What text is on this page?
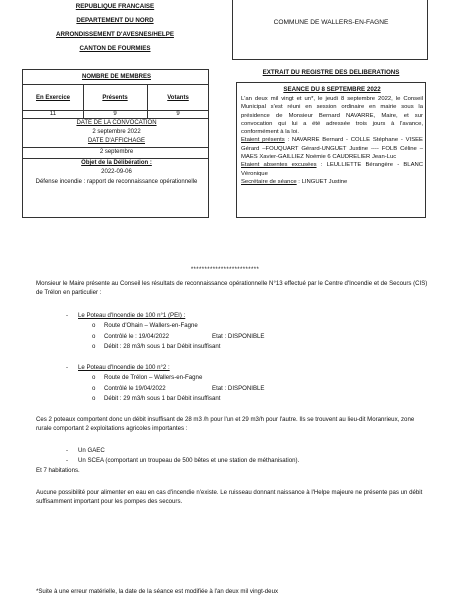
REPUBLIQUE FRANCAISE
DEPARTEMENT DU NORD
ARRONDISSEMENT D'AVESNES/HELPE
CANTON DE FOURMIES
COMMUNE DE WALLERS-EN-FAGNE
NOMBRE DE MEMBRES
En Exercice	Présents	Votants
11	9	9
DATE DE LA CONVOCATION
2 septembre 2022
DATE D'AFFICHAGE
2 septembre
Objet de la Délibération :
2022-09-06
Défense incendie : rapport de reconnaissance opérationnelle
EXTRAIT DU REGISTRE DES DELIBERATIONS
SEANCE DU 8 SEPTEMBRE 2022
L'an deux mil vingt et un*, le jeudi 8 septembre 2022, le Conseil Municipal s'est réuni en session ordinaire en mairie sous la présidence de Monsieur Bernard NAVARRE, Maire, et sur convocation qui lui a été adressée trois jours à l'avance, conformément à la loi.
Etaient présents : NAVARRE Bernard - COLLE Stéphane - VISEE Gérard –FOUQUART Gérard-UNGUET Justine ---- FOLB Céline – MAES Xavier-GAILLIEZ Noémie 6 CAUDRELIER Jean-Luc
Etaient absentes excusées : LEULLIETTE Bérangère - BLANC Véronique
Secrétaire de séance : LINGUET Justine
*************************
Monsieur le Maire présente au Conseil les résultats de reconnaissance opérationnelle N°13 effectué par le Centre d'Incendie et de Secours (CIS) de Trélon en particulier :
- Le Poteau d'Incendie de 100 n°1 (PEI) :
o Route d'Ohain – Wallers-en-Fagne
o Contrôlé le : 19/04/2022	Etat : DISPONIBLE
o Débit : 28 m3/h sous 1 bar Débit insuffisant
- Le Poteau d'Incendie de 100 n°2 :
o Route de Trélon – Wallers-en-Fagne
o Contrôlé le 19/04/2022	Etat : DISPONIBLE
o Débit : 29 m3/h sous 1 bar Débit insuffisant
Ces 2 poteaux comportent donc un débit insuffisant de 28 m3 /h pour l'un et 29 m3/h pour l'autre. Ils se trouvent au lieu-dit Moranrieux, zone rurale comportant 2 exploitations agricoles importantes :
- Un GAEC
- Un SCEA (comportant un troupeau de 500 bêtes et une station de méthanisation).
Et 7 habitations.
Aucune possibilité pour alimenter en eau en cas d'incendie n'existe. Le ruisseau donnant naissance à l'Helpe majeure ne présente pas un débit suffisamment important pour les pompes des secours.
*Suite à une erreur matérielle, la date de la séance est modifiée à l'an deux mil vingt-deux
